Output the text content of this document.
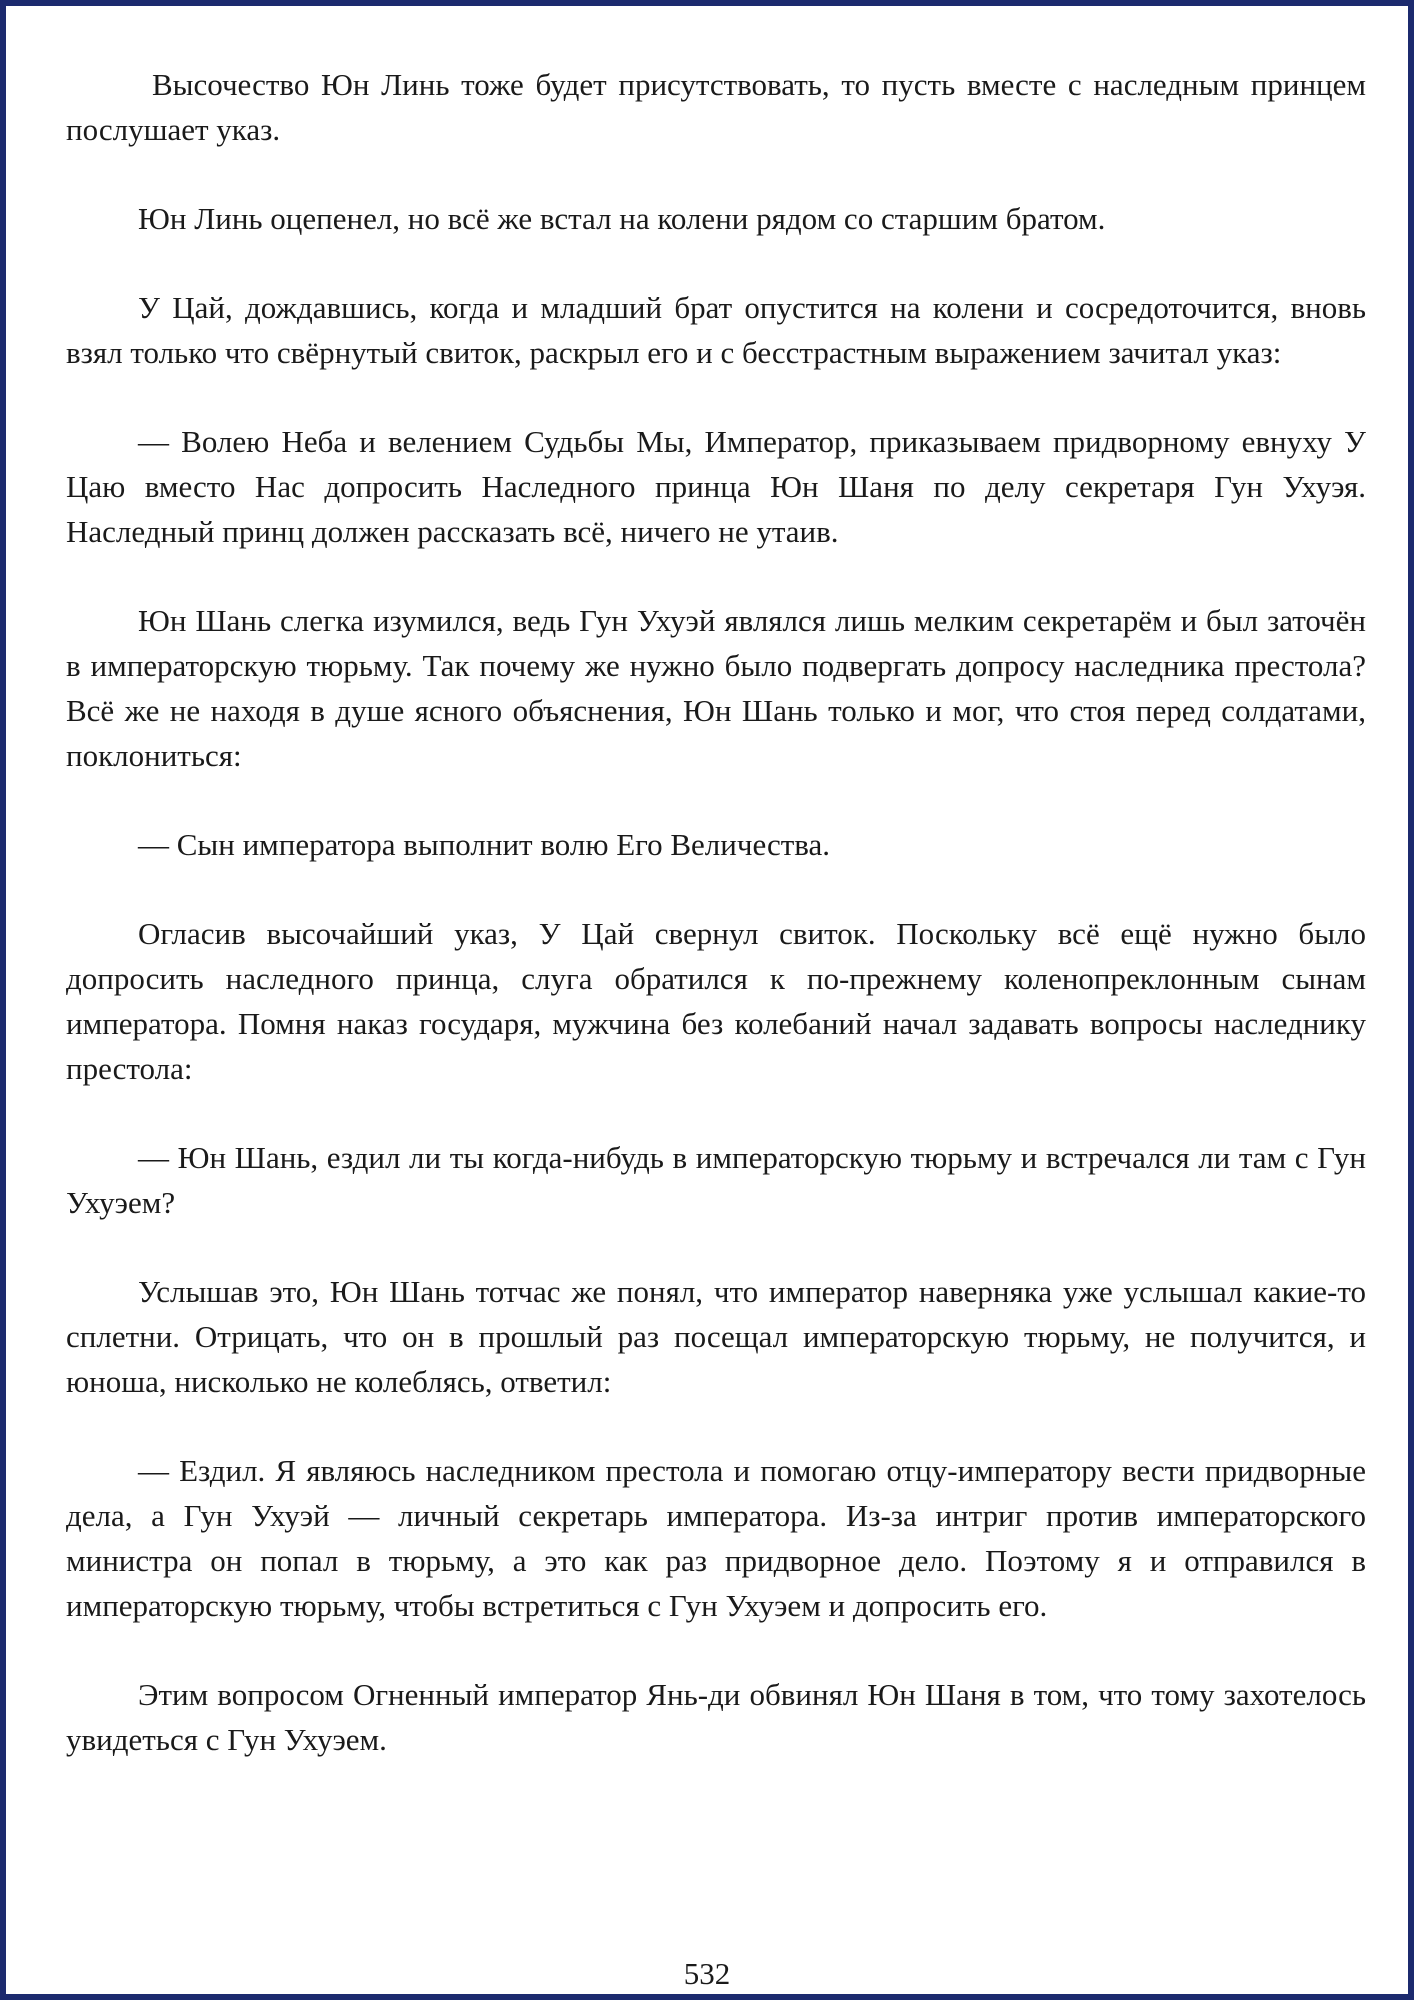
Высочество Юн Линь тоже будет присутствовать, то пусть вместе с наследным принцем послушает указ.

Юн Линь оцепенел, но всё же встал на колени рядом со старшим братом.

У Цай, дождавшись, когда и младший брат опустится на колени и сосредоточится, вновь взял только что свёрнутый свиток, раскрыл его и с бесстрастным выражением зачитал указ:

— Волею Неба и велением Судьбы Мы, Император, приказываем придворному евнуху У Цаю вместо Нас допросить Наследного принца Юн Шаня по делу секретаря Гун Ухуэя. Наследный принц должен рассказать всё, ничего не утаив.

Юн Шань слегка изумился, ведь Гун Ухуэй являлся лишь мелким секретарём и был заточён в императорскую тюрьму. Так почему же нужно было подвергать допросу наследника престола? Всё же не находя в душе ясного объяснения, Юн Шань только и мог, что стоя перед солдатами, поклониться:

— Сын императора выполнит волю Его Величества.

Огласив высочайший указ, У Цай свернул свиток. Поскольку всё ещё нужно было допросить наследного принца, слуга обратился к по-прежнему коленопреклонным сынам императора. Помня наказ государя, мужчина без колебаний начал задавать вопросы наследнику престола:

— Юн Шань, ездил ли ты когда-нибудь в императорскую тюрьму и встречался ли там с Гун Ухуэем?

Услышав это, Юн Шань тотчас же понял, что император наверняка уже услышал какие-то сплетни. Отрицать, что он в прошлый раз посещал императорскую тюрьму, не получится, и юноша, нисколько не колеблясь, ответил:

— Ездил. Я являюсь наследником престола и помогаю отцу-императору вести придворные дела, а Гун Ухуэй — личный секретарь императора. Из-за интриг против императорского министра он попал в тюрьму, а это как раз придворное дело. Поэтому я и отправился в императорскую тюрьму, чтобы встретиться с Гун Ухуэем и допросить его.

Этим вопросом Огненный император Янь-ди обвинял Юн Шаня в том, что тому захотелось увидеться с Гун Ухуэем.

532
